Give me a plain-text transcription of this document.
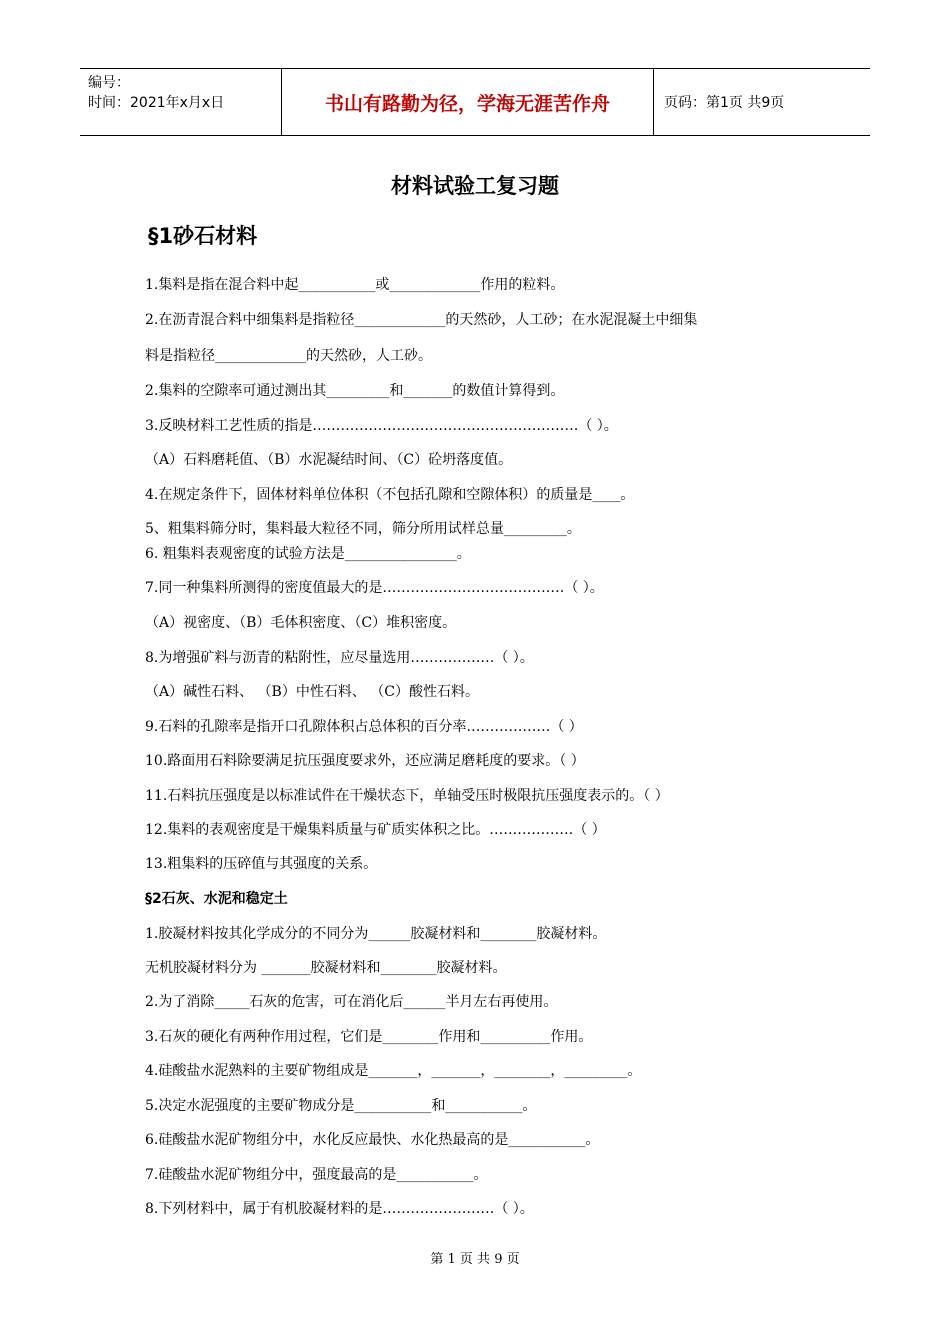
编号：
时间：2021年x月x日	书山有路勤为径，学海无涯苦作舟	页码：第1页 共9页
材料试验工复习题
§1砂石材料
1.集料是指在混合料中起___________或_____________作用的粒料。
2.在沥青混合料中细集料是指粒径_____________的天然砂，人工砂；在水泥混凝土中细集
料是指粒径_____________的天然砂，人工砂。
2.集料的空隙率可通过测出其_________和_______的数值计算得到。
3.反映材料工艺性质的指是…………………………………………………（ ）。
（A）石料磨耗值、（B）水泥凝结时间、（C）砼坍落度值。
4.在规定条件下，固体材料单位体积（不包括孔隙和空隙体积）的质量是____。
5、粗集料筛分时，集料最大粒径不同，筛分所用试样总量_________。
6. 粗集料表观密度的试验方法是________________。
7.同一种集料所测得的密度值最大的是…………………………………（ ）。
（A）视密度、（B）毛体积密度、（C）堆积密度。
8.为增强矿料与沥青的粘附性，应尽量选用………………（ ）。
（A）碱性石料、 （B）中性石料、 （C）酸性石料。
9.石料的孔隙率是指开口孔隙体积占总体积的百分率………………（ ）
10.路面用石料除要满足抗压强度要求外，还应满足磨耗度的要求。（ ）
11.石料抗压强度是以标准试件在干燥状态下，单轴受压时极限抗压强度表示的。（ ）
12.集料的表观密度是干燥集料质量与矿质实体积之比。………………（ ）
13.粗集料的压碎值与其强度的关系。
§2石灰、水泥和稳定土
1.胶凝材料按其化学成分的不同分为______胶凝材料和________胶凝材料。
无机胶凝材料分为 _______胶凝材料和________胶凝材料。
2.为了消除_____石灰的危害，可在消化后______半月左右再使用。
3.石灰的硬化有两种作用过程，它们是________作用和__________作用。
4.硅酸盐水泥熟料的主要矿物组成是_______，_______，________，_________。
5.决定水泥强度的主要矿物成分是___________和___________。
6.硅酸盐水泥矿物组分中，水化反应最快、水化热最高的是___________。
7.硅酸盐水泥矿物组分中，强度最高的是___________。
8.下列材料中，属于有机胶凝材料的是……………………（ ）。
第 1 页 共 9 页
